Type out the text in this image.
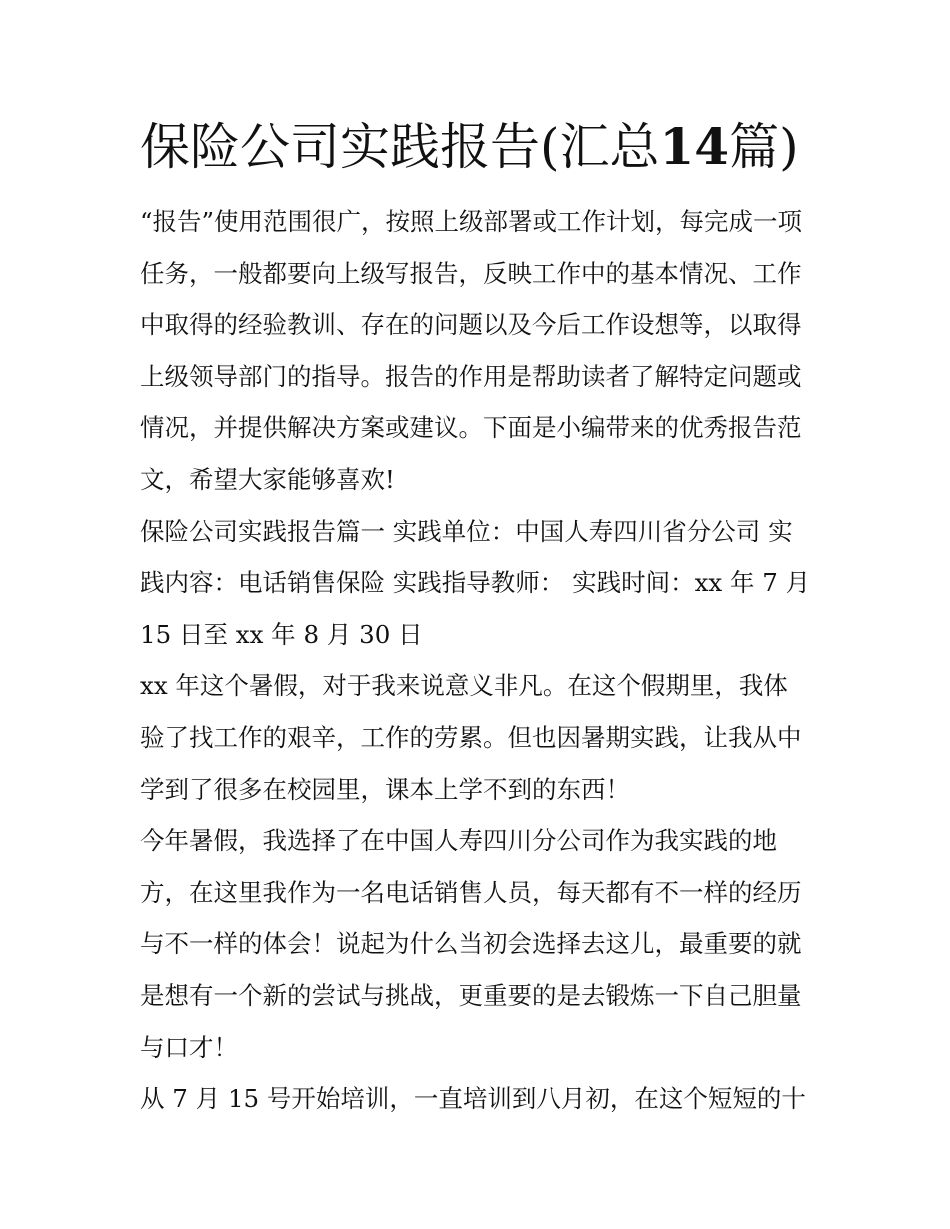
保险公司实践报告(汇总14篇)

“报告”使用范围很广，按照上级部署或工作计划，每完成一项
任务，一般都要向上级写报告，反映工作中的基本情况、工作
中取得的经验教训、存在的问题以及今后工作设想等，以取得
上级领导部门的指导。报告的作用是帮助读者了解特定问题或
情况，并提供解决方案或建议。下面是小编带来的优秀报告范
文，希望大家能够喜欢!

保险公司实践报告篇一 实践单位：中国人寿四川省分公司 实
践内容：电话销售保险 实践指导教师： 实践时间：xx 年 7 月
15 日至 xx 年 8 月 30 日

xx 年这个暑假，对于我来说意义非凡。在这个假期里，我体
验了找工作的艰辛，工作的劳累。但也因暑期实践，让我从中
学到了很多在校园里，课本上学不到的东西！

今年暑假，我选择了在中国人寿四川分公司作为我实践的地
方，在这里我作为一名电话销售人员，每天都有不一样的经历
与不一样的体会！说起为什么当初会选择去这儿，最重要的就
是想有一个新的尝试与挑战，更重要的是去锻炼一下自己胆量
与口才！

从 7 月 15 号开始培训，一直培训到八月初，在这个短短的十
